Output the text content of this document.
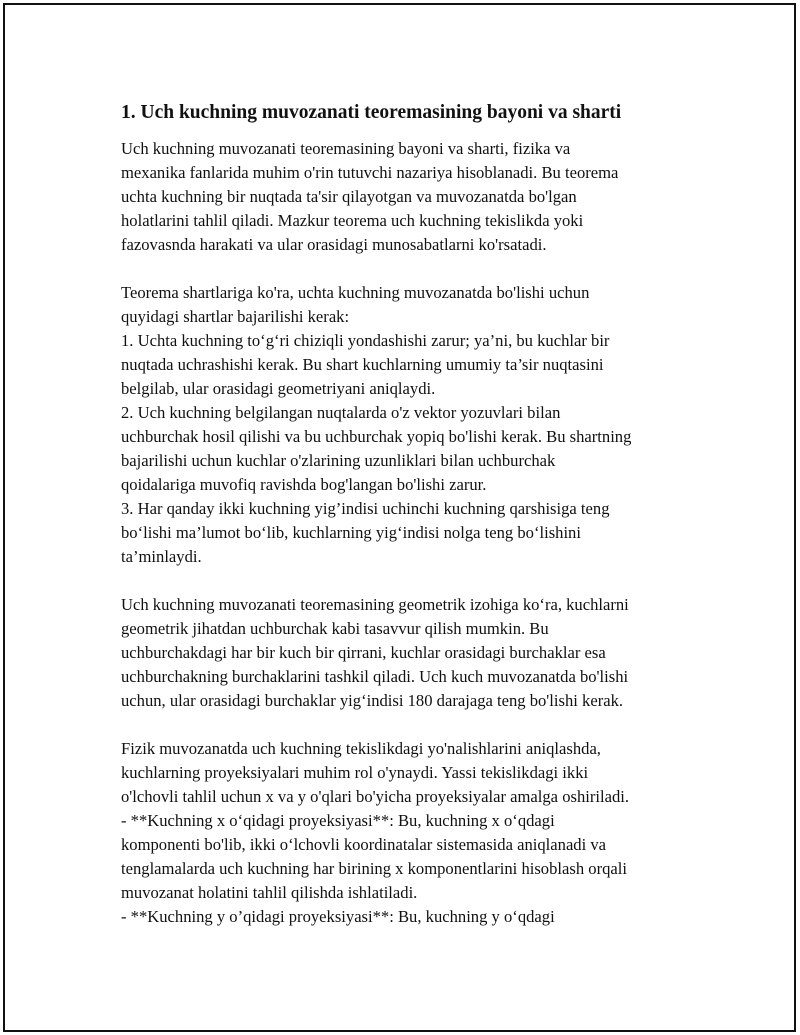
1. Uch kuchning muvozanati teoremasining bayoni va sharti
Uch kuchning muvozanati teoremasining bayoni va sharti, fizika va
mexanika fanlarida muhim o'rin tutuvchi nazariya hisoblanadi. Bu teorema
uchta kuchning bir nuqtada ta'sir qilayotgan va muvozanatda bo'lgan
holatlarini tahlil qiladi. Mazkur teorema uch kuchning tekislikda yoki
fazovasnda harakati va ular orasidagi munosabatlarni ko'rsatadi.
Teorema shartlariga ko'ra, uchta kuchning muvozanatda bo'lishi uchun
quyidagi shartlar bajarilishi kerak:
1. Uchta kuchning to‘g‘ri chiziqli yondashishi zarur; ya’ni, bu kuchlar bir
nuqtada uchrashishi kerak. Bu shart kuchlarning umumiy ta’sir nuqtasini
belgilab, ular orasidagi geometriyani aniqlaydi.
2. Uch kuchning belgilangan nuqtalarda o'z vektor yozuvlari bilan
uchburchak hosil qilishi va bu uchburchak yopiq bo'lishi kerak. Bu shartning
bajarilishi uchun kuchlar o'zlarining uzunliklari bilan uchburchak
qoidalariga muvofiq ravishda bog'langan bo'lishi zarur.
3. Har qanday ikki kuchning yig’indisi uchinchi kuchning qarshisiga teng
bo‘lishi ma’lumot bo‘lib, kuchlarning yig‘indisi nolga teng bo‘lishini
ta’minlaydi.
Uch kuchning muvozanati teoremasining geometrik izohiga ko‘ra, kuchlarni
geometrik jihatdan uchburchak kabi tasavvur qilish mumkin. Bu
uchburchakdagi har bir kuch bir qirrani, kuchlar orasidagi burchaklar esa
uchburchakning burchaklarini tashkil qiladi. Uch kuch muvozanatda bo'lishi
uchun, ular orasidagi burchaklar yig‘indisi 180 darajaga teng bo'lishi kerak.
Fizik muvozanatda uch kuchning tekislikdagi yo'nalishlarini aniqlashda,
kuchlarning proyeksiyalari muhim rol o'ynaydi. Yassi tekislikdagi ikki
o'lchovli tahlil uchun x va y o'qlari bo'yicha proyeksiyalar amalga oshiriladi.
- **Kuchning x o‘qidagi proyeksiyasi**: Bu, kuchning x o‘qdagi
komponenti bo'lib, ikki o‘lchovli koordinatalar sistemasida aniqlanadi va
tenglamalarda uch kuchning har birining x komponentlarini hisoblash orqali
muvozanat holatini tahlil qilishda ishlatiladi.
- **Kuchning y o’qidagi proyeksiyasi**: Bu, kuchning y o‘qdagi
